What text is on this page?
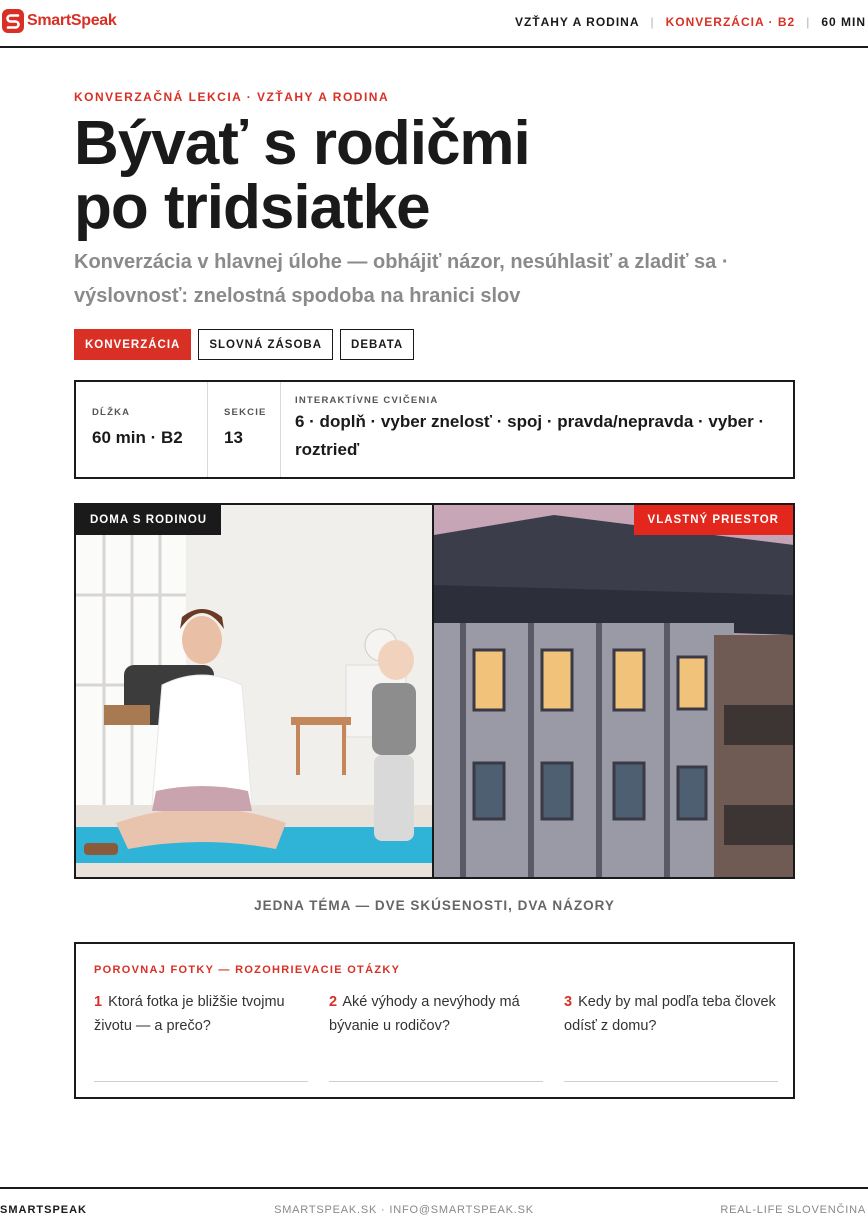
SmartSpeak	VZŤAHY A RODINA | KONVERZÁCIA · B2 | 60 MIN
KONVERZAČNÁ LEKCIA · VZŤAHY A RODINA
Bývať s rodičmi
po tridsiatke
Konverzácia v hlavnej úlohe — obhájiť názor, nesúhlasiť a zladiť sa · výslovnosť: znelostná spodoba na hranici slov
KONVERZÁCIA	SLOVNÁ ZÁSOBA	DEBATA
DĹŽKA
60 min · B2
SEKCIE
13
INTERAKTÍVNE CVIČENIA
6 · doplň · vyber znelosť · spoj · pravda/nepravda · vyber · roztrieď
DOMA S RODINOU	VLASTNÝ PRIESTOR
JEDNA TÉMA — DVE SKÚSENOSTI, DVA NÁZORY
POROVNAJ FOTKY — ROZOHRIEVACIE OTÁZKY
1 Ktorá fotka je bližšie tvojmu životu — a prečo?
2 Aké výhody a nevýhody má bývanie u rodičov?
3 Kedy by mal podľa teba človek odísť z domu?
SMARTSPEAK	SMARTSPEAK.SK · INFO@SMARTSPEAK.SK	REAL-LIFE SLOVENČINA
